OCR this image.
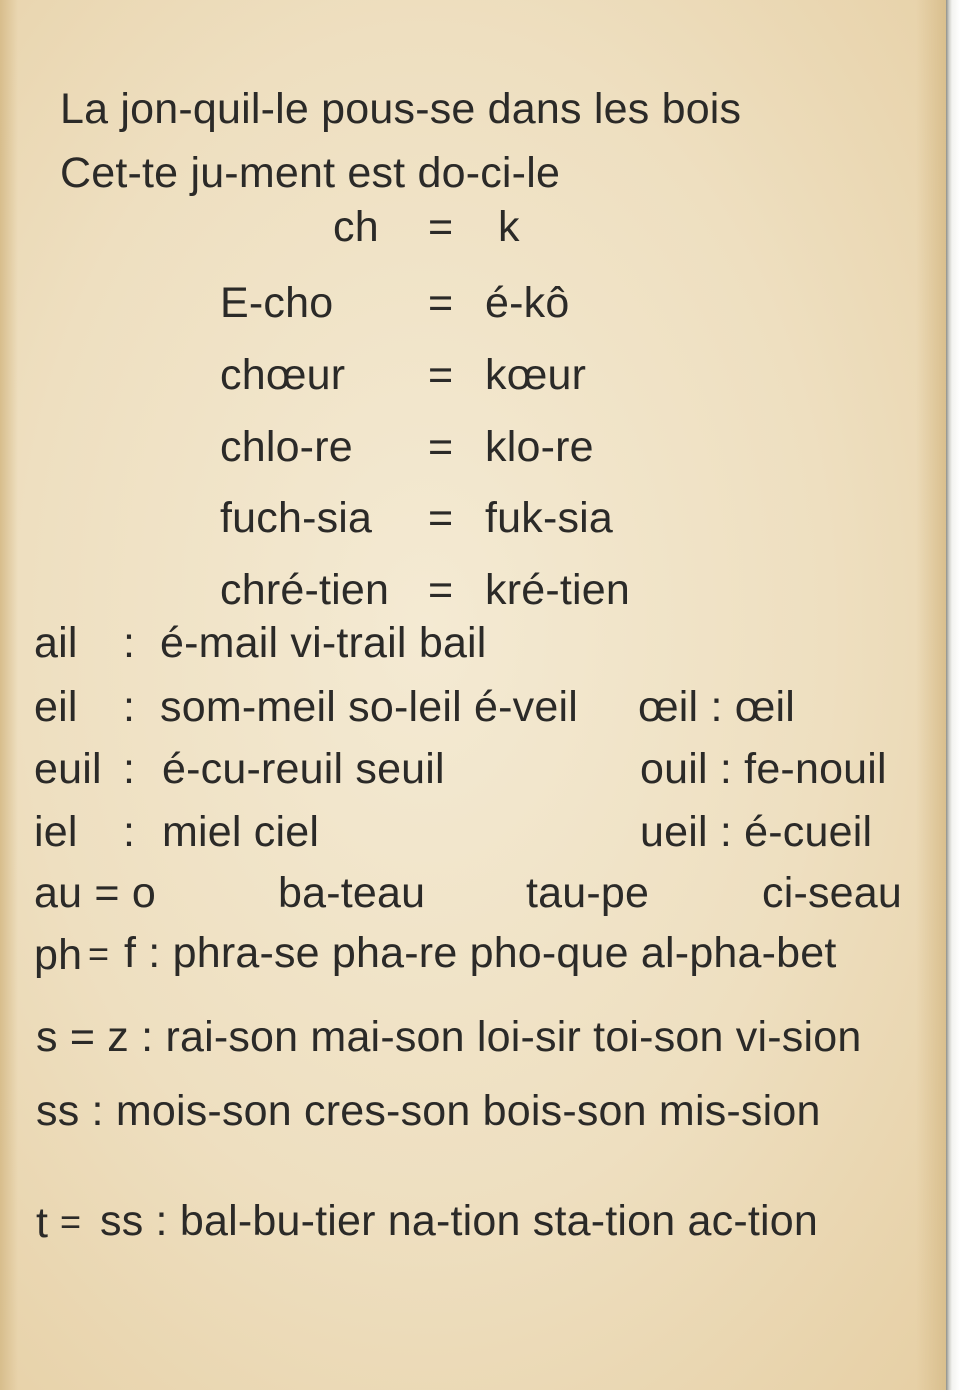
La jon-quil-le pous-se dans les bois
Cet-te ju-ment est do-ci-le
ch = k
E-cho = é-kô
chœur = kœur
chlo-re = klo-re
fuch-sia = fuk-sia
chré-tien = kré-tien
ail : é-mail vi-trail bail
eil : som-meil so-leil é-veil œil : œil
euil : é-cu-reuil seuil	ouil : fe-nouil
iel : miel ciel	ueil : é-cueil
au = o	ba-teau tau-pe	ci-seau
ph = f : phra-se pha-re pho-que al-pha-bet
s = z : rai-son mai-son loi-sir toi-son vi-sion
ss : mois-son cres-son bois-son mis-sion
t = ss : bal-bu-tier na-tion sta-tion ac-tion
